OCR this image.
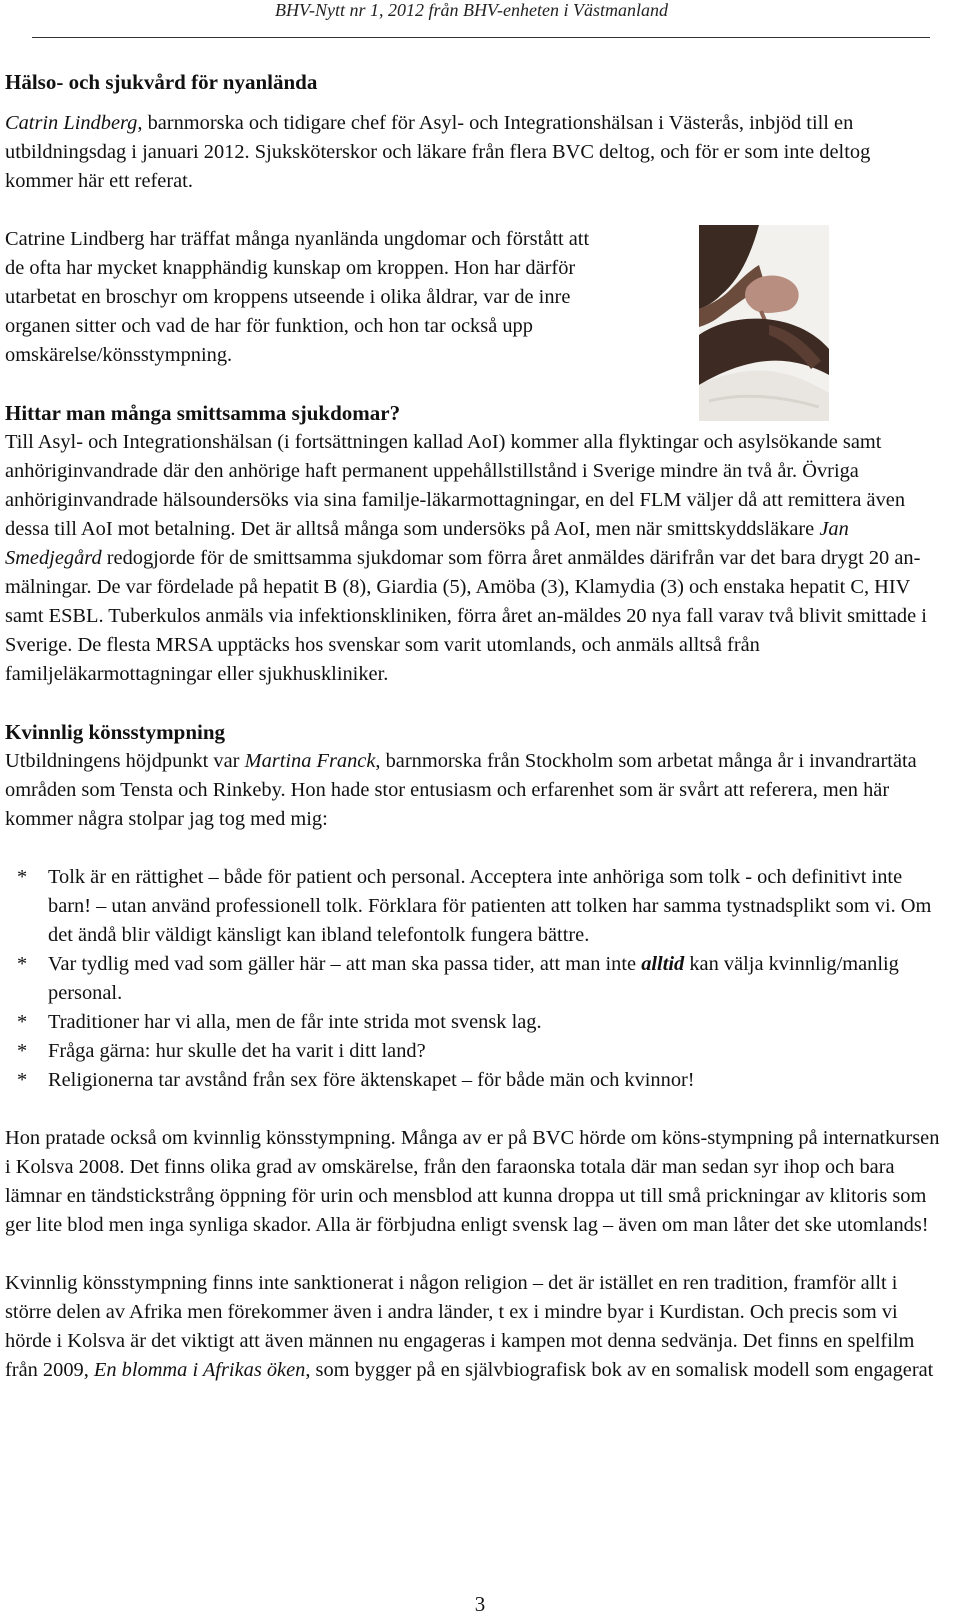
BHV-Nytt nr 1, 2012 från BHV-enheten i Västmanland
Hälso- och sjukvård för nyanlända

Catrin Lindberg, barnmorska och tidigare chef för Asyl- och Integrationshälsan i Västerås, inbjöd till en utbildningsdag i januari 2012. Sjuksköterskor och läkare från flera BVC deltog, och för er som inte deltog kommer här ett referat.

Catrine Lindberg har träffat många nyanlända ungdomar och förstått att de ofta har mycket knapphändig kunskap om kroppen. Hon har därför utarbetat en broschyr om kroppens utseende i olika åldrar, var de inre organen sitter och vad de har för funktion, och hon tar också upp omskärelse/könsstympning.

Hittar man många smittsamma sjukdomar?

Till Asyl- och Integrationshälsan (i fortsättningen kallad AoI) kommer alla flyktingar och asylsökande samt anhöriginvandrade där den anhörige haft permanent uppehållstillstånd i Sverige mindre än två år. Övriga anhöriginvandrade hälsoundersöks via sina familje-läkarmottagningar, en del FLM väljer då att remittera även dessa till AoI mot betalning. Det är alltså många som undersöks på AoI, men när smittskyddsläkare Jan Smedjegård redogjorde för de smittsamma sjukdomar som förra året anmäldes därifrån var det bara drygt 20 an-mälningar. De var fördelade på hepatit B (8), Giardia (5), Amöba (3), Klamydia (3) och enstaka hepatit C, HIV samt ESBL. Tuberkulos anmäls via infektionskliniken, förra året an-mäldes 20 nya fall varav två blivit smittade i Sverige. De flesta MRSA upptäcks hos svenskar som varit utomlands, och anmäls alltså från familjeläkarmottagningar eller sjukhuskliniker.

Kvinnlig könsstympning

Utbildningens höjdpunkt var Martina Franck, barnmorska från Stockholm som arbetat många år i invandrartäta områden som Tensta och Rinkeby. Hon hade stor entusiasm och erfarenhet som är svårt att referera, men här kommer några stolpar jag tog med mig:

* Tolk är en rättighet – både för patient och personal. Acceptera inte anhöriga som tolk - och definitivt inte barn! – utan använd professionell tolk. Förklara för patienten att tolken har samma tystnadsplikt som vi. Om det ändå blir väldigt känsligt kan ibland telefontolk fungera bättre.
* Var tydlig med vad som gäller här – att man ska passa tider, att man inte alltid kan välja kvinnlig/manlig personal.
* Traditioner har vi alla, men de får inte strida mot svensk lag.
* Fråga gärna: hur skulle det ha varit i ditt land?
* Religionerna tar avstånd från sex före äktenskapet – för både män och kvinnor!

Hon pratade också om kvinnlig könsstympning. Många av er på BVC hörde om köns-stympning på internatkursen i Kolsva 2008. Det finns olika grad av omskärelse, från den faraonska totala där man sedan syr ihop och bara lämnar en tändstickstrång öppning för urin och mensblod att kunna droppa ut till små prickningar av klitoris som ger lite blod men inga synliga skador. Alla är förbjudna enligt svensk lag – även om man låter det ske utomlands!

Kvinnlig könsstympning finns inte sanktionerat i någon religion – det är istället en ren tradition, framför allt i större delen av Afrika men förekommer även i andra länder, t ex i mindre byar i Kurdistan. Och precis som vi hörde i Kolsva är det viktigt att även männen nu engageras i kampen mot denna sedvänja. Det finns en spelfilm från 2009, En blomma i Afrikas öken, som bygger på en självbiografisk bok av en somalisk modell som engagerat

3
